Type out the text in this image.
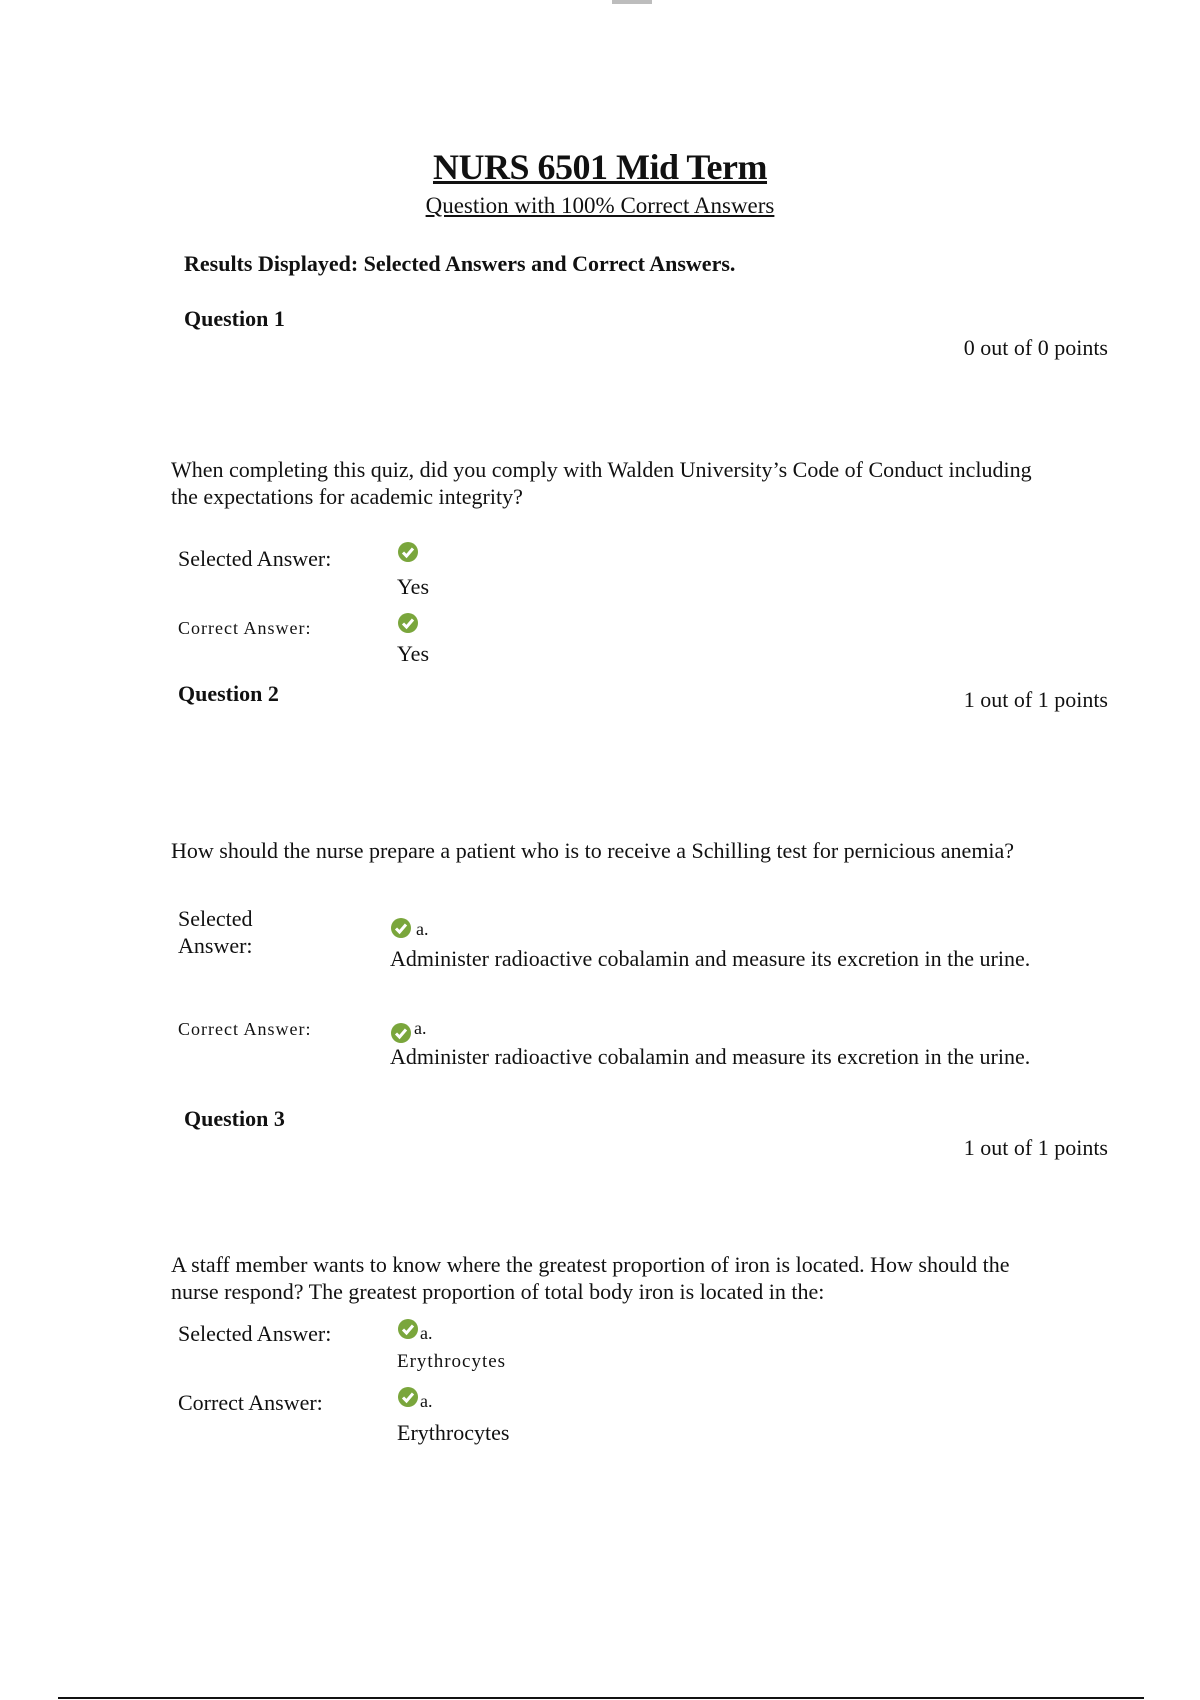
NURS 6501 Mid Term
Question with 100% Correct Answers
Results Displayed: Selected Answers and Correct Answers.
Question 1
0 out of 0 points
When completing this quiz, did you comply with Walden University’s Code of Conduct including the expectations for academic integrity?
Selected Answer:
Yes
Correct Answer:
Yes
Question 2	1 out of 1 points
How should the nurse prepare a patient who is to receive a Schilling test for pernicious anemia?
Selected
Answer:
a.
Administer radioactive cobalamin and measure its excretion in the urine.
Correct Answer:	a.
Administer radioactive cobalamin and measure its excretion in the urine.
Question 3
1 out of 1 points
A staff member wants to know where the greatest proportion of iron is located. How should the nurse respond? The greatest proportion of total body iron is located in the:
Selected Answer:	a.
Erythrocytes
Correct Answer:	a.
Erythrocytes
